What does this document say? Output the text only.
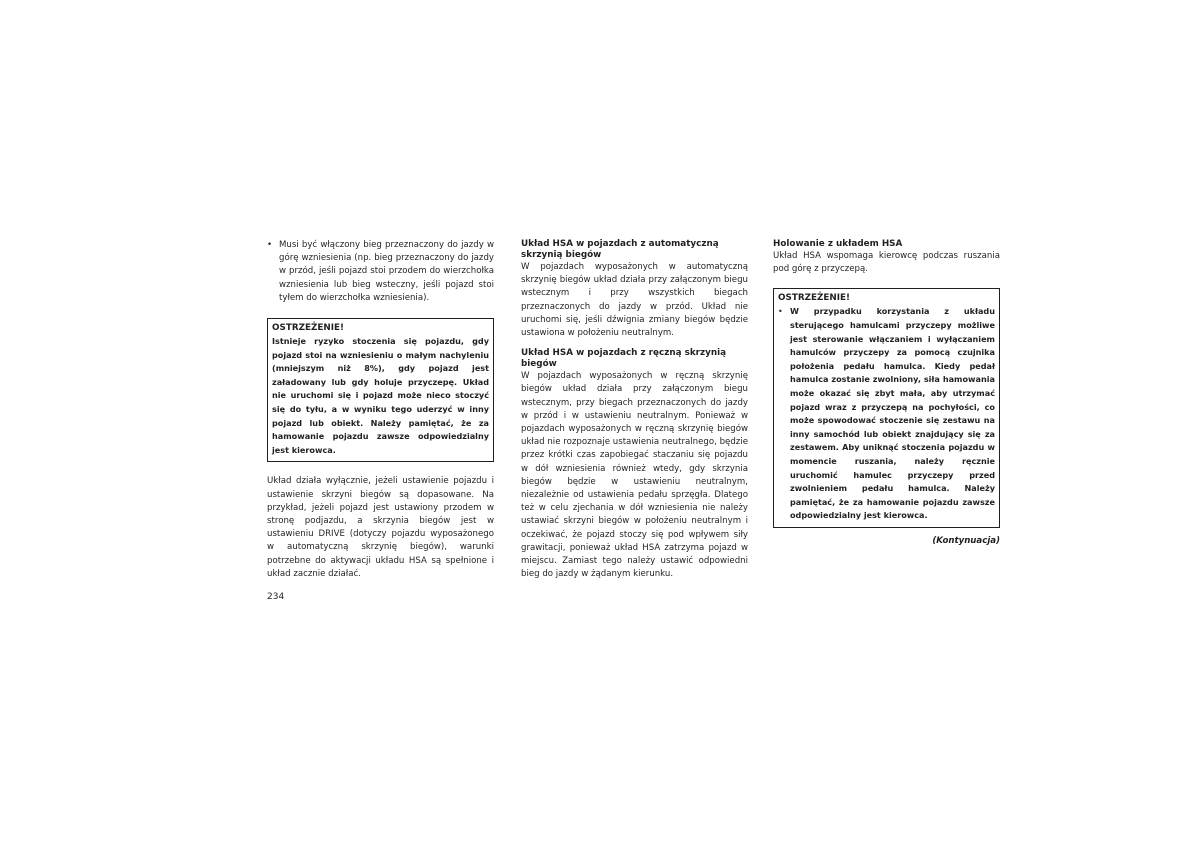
• Musi być włączony bieg przeznaczony do jazdy w górę wzniesienia (np. bieg przeznaczony do jazdy w przód, jeśli pojazd stoi przodem do wierzchołka wzniesienia lub bieg wsteczny, jeśli pojazd stoi tyłem do wierzchołka wzniesienia).

OSTRZEŻENIE!

Istnieje ryzyko stoczenia się pojazdu, gdy pojazd stoi na wzniesieniu o małym nachyleniu (mniejszym niż 8%), gdy pojazd jest załadowany lub gdy holuje przyczepę. Układ nie uruchomi się i pojazd może nieco stoczyć się do tyłu, a w wyniku tego uderzyć w inny pojazd lub obiekt. Należy pamiętać, że za hamowanie pojazdu zawsze odpowiedzialny jest kierowca.

Układ działa wyłącznie, jeżeli ustawienie pojazdu i ustawienie skrzyni biegów są dopasowane. Na przykład, jeżeli pojazd jest ustawiony przodem w stronę podjazdu, a skrzynia biegów jest w ustawieniu DRIVE (dotyczy pojazdu wyposażonego w automatyczną skrzynię biegów), warunki potrzebne do aktywacji układu HSA są spełnione i układ zacznie działać.

Układ HSA w pojazdach z automatyczną skrzynią biegów

W pojazdach wyposażonych w automatyczną skrzynię biegów układ działa przy załączonym biegu wstecznym i przy wszystkich biegach przeznaczonych do jazdy w przód. Układ nie uruchomi się, jeśli dźwignia zmiany biegów będzie ustawiona w położeniu neutralnym.

Układ HSA w pojazdach z ręczną skrzynią biegów

W pojazdach wyposażonych w ręczną skrzynię biegów układ działa przy załączonym biegu wstecznym, przy biegach przeznaczonych do jazdy w przód i w ustawieniu neutralnym. Ponieważ w pojazdach wyposażonych w ręczną skrzynię biegów układ nie rozpoznaje ustawienia neutralnego, będzie przez krótki czas zapobiegać staczaniu się pojazdu w dół wzniesienia również wtedy, gdy skrzynia biegów będzie w ustawieniu neutralnym, niezależnie od ustawienia pedału sprzęgła. Dlatego też w celu zjechania w dół wzniesienia nie należy ustawiać skrzyni biegów w położeniu neutralnym i oczekiwać, że pojazd stoczy się pod wpływem siły grawitacji, ponieważ układ HSA zatrzyma pojazd w miejscu. Zamiast tego należy ustawić odpowiedni bieg do jazdy w żądanym kierunku.

Holowanie z układem HSA

Układ HSA wspomaga kierowcę podczas ruszania pod górę z przyczepą.

OSTRZEŻENIE!

• W przypadku korzystania z układu sterującego hamulcami przyczepy możliwe jest sterowanie włączaniem i wyłączaniem hamulców przyczepy za pomocą czujnika położenia pedału hamulca. Kiedy pedał hamulca zostanie zwolniony, siła hamowania może okazać się zbyt mała, aby utrzymać pojazd wraz z przyczepą na pochyłości, co może spowodować stoczenie się zestawu na inny samochód lub obiekt znajdujący się za zestawem. Aby uniknąć stoczenia pojazdu w momencie ruszania, należy ręcznie uruchomić hamulec przyczepy przed zwolnieniem pedału hamulca. Należy pamiętać, że za hamowanie pojazdu zawsze odpowiedzialny jest kierowca.

(Kontynuacja)

234
